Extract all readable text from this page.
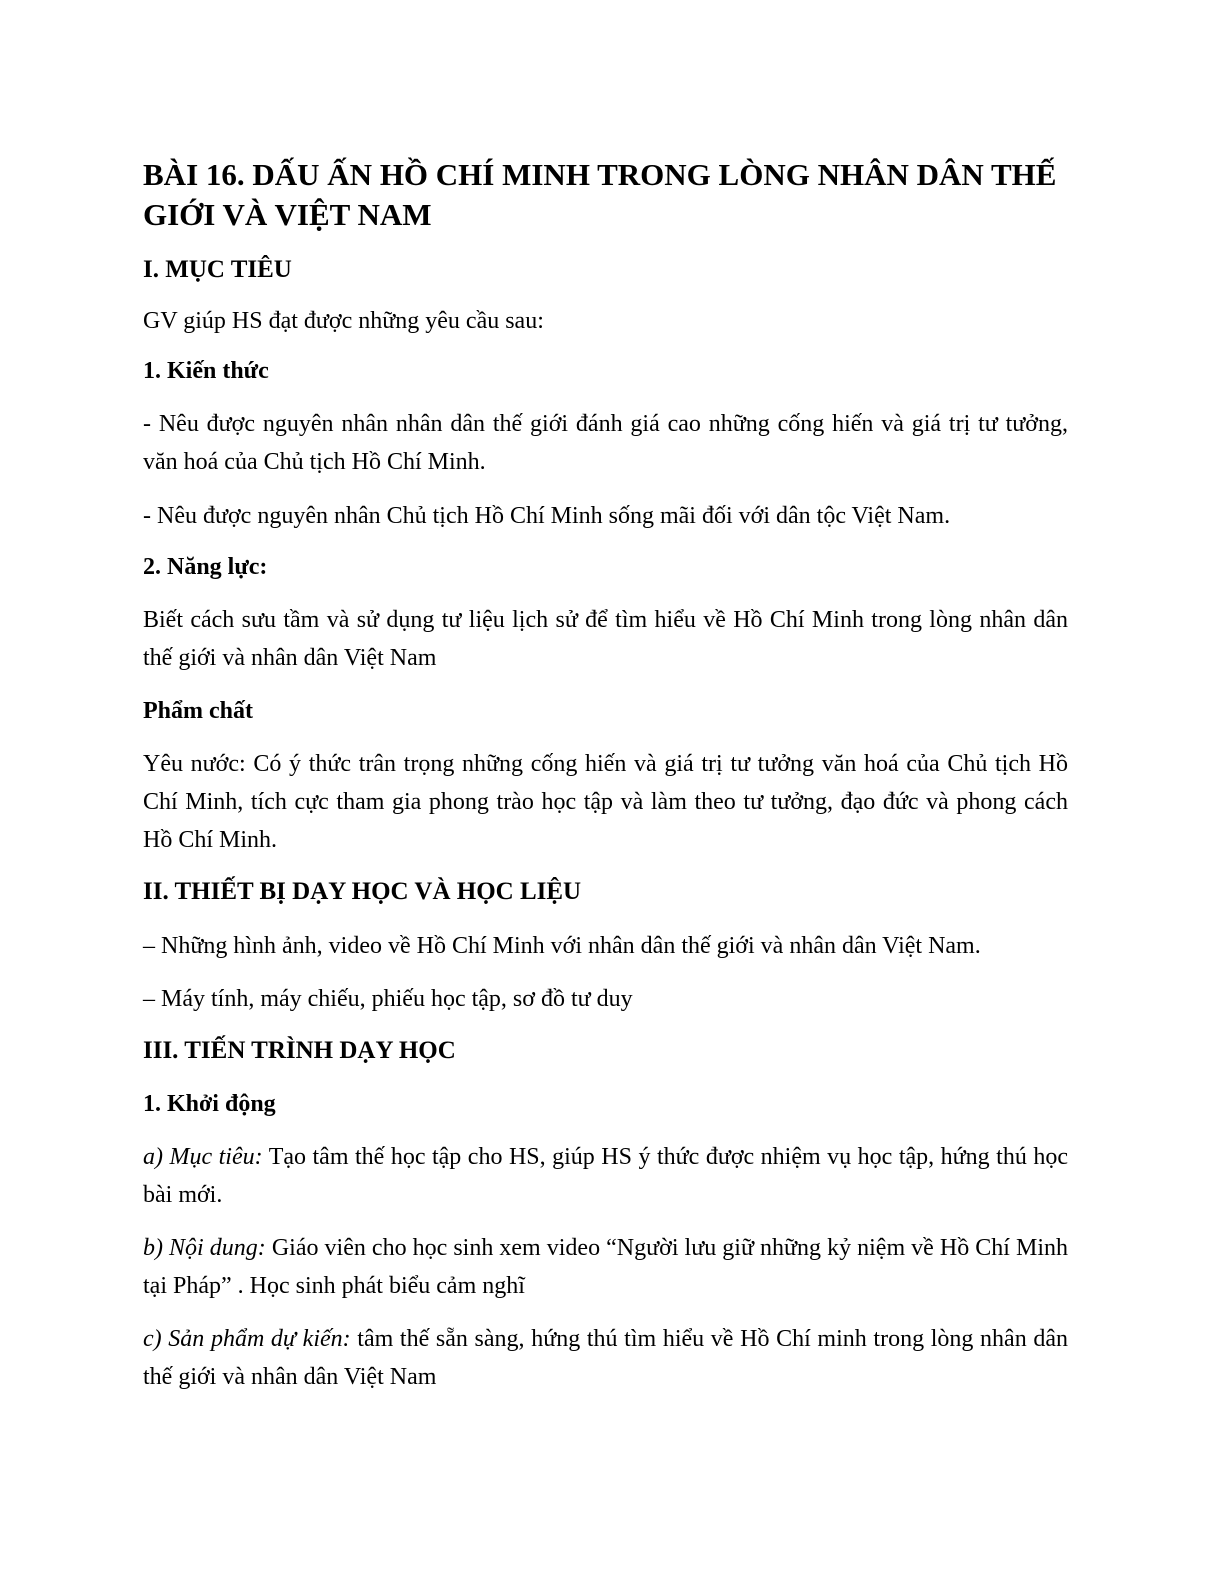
BÀI 16. DẤU ẤN HỒ CHÍ MINH TRONG LÒNG NHÂN DÂN THẾ GIỚI VÀ VIỆT NAM
I. MỤC TIÊU
GV giúp HS đạt được những yêu cầu sau:
1. Kiến thức
- Nêu được nguyên nhân nhân dân thế giới đánh giá cao những cống hiến và giá trị tư tưởng, văn hoá của Chủ tịch Hồ Chí Minh.
- Nêu được nguyên nhân Chủ tịch Hồ Chí Minh sống mãi đối với dân tộc Việt Nam.
2. Năng lực:
Biết cách sưu tầm và sử dụng tư liệu lịch sử để tìm hiểu về Hồ Chí Minh trong lòng nhân dân thế giới và nhân dân Việt Nam
Phẩm chất
Yêu nước: Có ý thức trân trọng những cống hiến và giá trị tư tưởng văn hoá của Chủ tịch Hồ Chí Minh, tích cực tham gia phong trào học tập và làm theo tư tưởng, đạo đức và phong cách Hồ Chí Minh.
II. THIẾT BỊ DẠY HỌC VÀ HỌC LIỆU
– Những hình ảnh, video về Hồ Chí Minh với nhân dân thế giới và nhân dân Việt Nam.
– Máy tính, máy chiếu, phiếu học tập, sơ đồ tư duy
III. TIẾN TRÌNH DẠY HỌC
1. Khởi động
a) Mục tiêu: Tạo tâm thế học tập cho HS, giúp HS ý thức được nhiệm vụ học tập, hứng thú học bài mới.
b) Nội dung: Giáo viên cho học sinh xem video “Người lưu giữ những kỷ niệm về Hồ Chí Minh tại Pháp” . Học sinh phát biểu cảm nghĩ
c) Sản phẩm dự kiến: tâm thế sẵn sàng, hứng thú tìm hiểu về Hồ Chí minh trong lòng nhân dân thế giới và nhân dân Việt Nam
